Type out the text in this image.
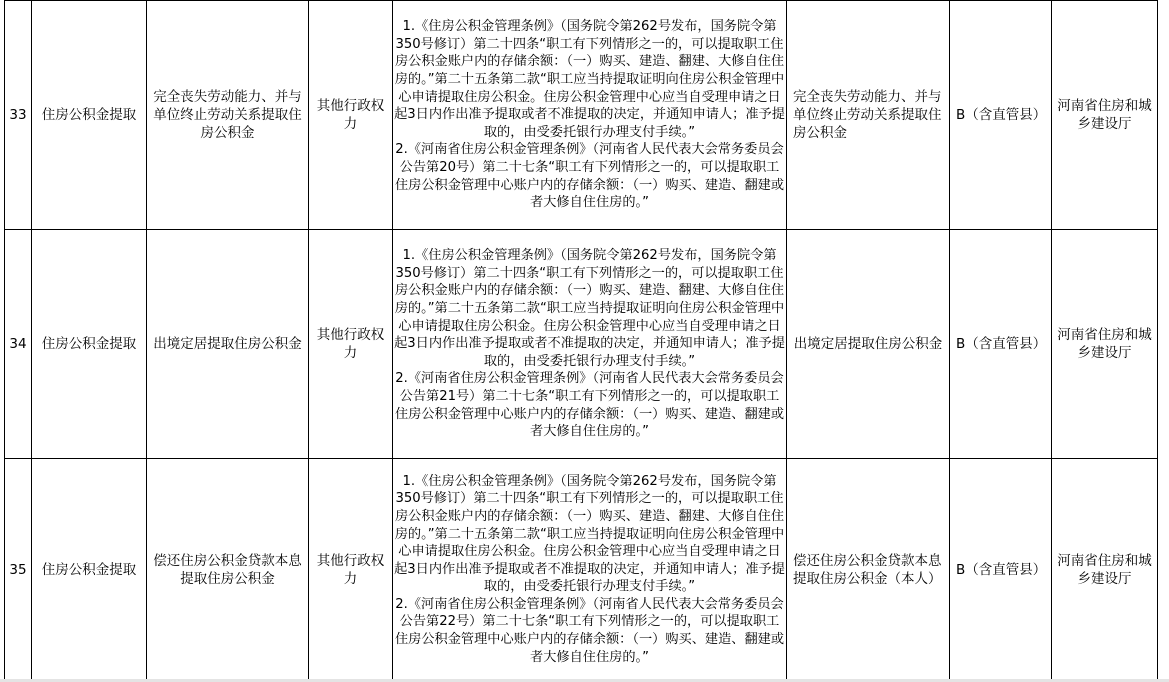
33	住房公积金提取	完全丧失劳动能力、并与单位终止劳动关系提取住房公积金	其他行政权力	1.《住房公积金管理条例》（国务院令第262号发布，国务院令第350号修订）第二十四条“职工有下列情形之一的，可以提取职工住房公积金账户内的存储余额：（一）购买、建造、翻建、大修自住住房的。”第二十五条第二款“职工应当持提取证明向住房公积金管理中心申请提取住房公积金。住房公积金管理中心应当自受理申请之日起3日内作出准予提取或者不准提取的决定，并通知申请人；准予提取的，由受委托银行办理支付手续。”
2.《河南省住房公积金管理条例》（河南省人民代表大会常务委员会公告第20号）第二十七条“职工有下列情形之一的，可以提取职工住房公积金管理中心账户内的存储余额：（一）购买、建造、翻建或者大修自住住房的。”	完全丧失劳动能力、并与单位终止劳动关系提取住房公积金	B（含直管县）	河南省住房和城乡建设厅
34	住房公积金提取	出境定居提取住房公积金	其他行政权力	1.《住房公积金管理条例》（国务院令第262号发布，国务院令第350号修订）第二十四条“职工有下列情形之一的，可以提取职工住房公积金账户内的存储余额：（一）购买、建造、翻建、大修自住住房的。”第二十五条第二款“职工应当持提取证明向住房公积金管理中心申请提取住房公积金。住房公积金管理中心应当自受理申请之日起3日内作出准予提取或者不准提取的决定，并通知申请人；准予提取的，由受委托银行办理支付手续。”
2.《河南省住房公积金管理条例》（河南省人民代表大会常务委员会公告第21号）第二十七条“职工有下列情形之一的，可以提取职工住房公积金管理中心账户内的存储余额：（一）购买、建造、翻建或者大修自住住房的。”	出境定居提取住房公积金	B（含直管县）	河南省住房和城乡建设厅
35	住房公积金提取	偿还住房公积金贷款本息提取住房公积金	其他行政权力	1.《住房公积金管理条例》（国务院令第262号发布，国务院令第350号修订）第二十四条“职工有下列情形之一的，可以提取职工住房公积金账户内的存储余额：（一）购买、建造、翻建、大修自住住房的。”第二十五条第二款“职工应当持提取证明向住房公积金管理中心申请提取住房公积金。住房公积金管理中心应当自受理申请之日起3日内作出准予提取或者不准提取的决定，并通知申请人；准予提取的，由受委托银行办理支付手续。”
2.《河南省住房公积金管理条例》（河南省人民代表大会常务委员会公告第22号）第二十七条“职工有下列情形之一的，可以提取职工住房公积金管理中心账户内的存储余额：（一）购买、建造、翻建或者大修自住住房的。”	偿还住房公积金贷款本息提取住房公积金（本人）	B（含直管县）	河南省住房和城乡建设厅
